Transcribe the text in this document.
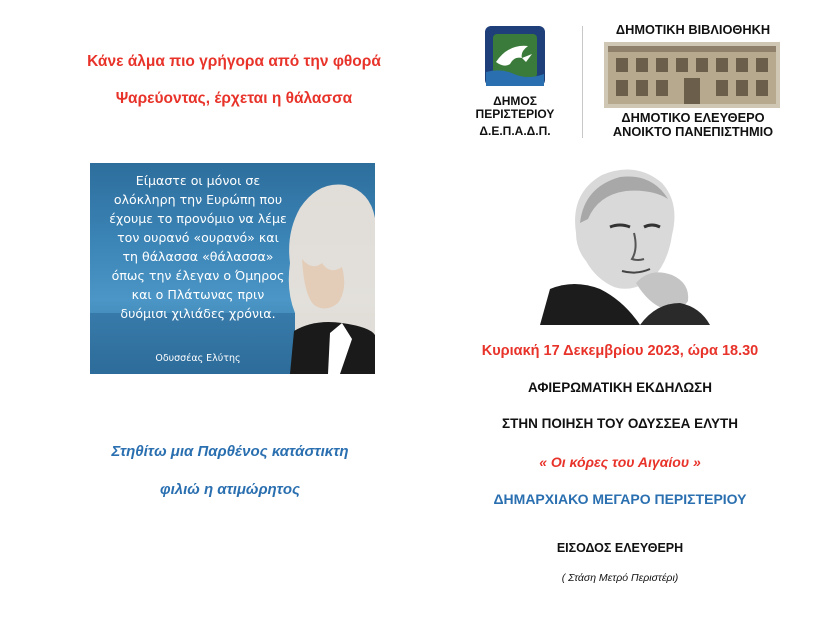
Κάνε άλμα πιο γρήγορα από την φθορά
Ψαρεύοντας, έρχεται η θάλασσα
Είμαστε οι μόνοι σε
ολόκληρη την Ευρώπη που
έχουμε το προνόμιο να λέμε
τον ουρανό «ουρανό» και
τη θάλασσα «θάλασσα»
όπως την έλεγαν ο Όμηρος
και ο Πλάτωνας πριν
δυόμισι χιλιάδες χρόνια.
Οδυσσέας Ελύτης
Στηθίτω μια Παρθένος κατάστικτη
φιλιώ η ατιμώρητος
ΔΗΜΟΣ
ΠΕΡΙΣΤΕΡΙΟΥ
Δ.Ε.Π.Α.Δ.Π.
ΔΗΜΟΤΙΚΗ ΒΙΒΛΙΟΘΗΚΗ
ΔΗΜΟΤΙΚΟ ΕΛΕΥΘΕΡΟ
ΑΝΟΙΚΤΟ ΠΑΝΕΠΙΣΤΗΜΙΟ
Κυριακή 17 Δεκεμβρίου 2023, ώρα 18.30
ΑΦΙΕΡΩΜΑΤΙΚΗ ΕΚΔΗΛΩΣΗ
ΣΤΗΝ ΠΟΙΗΣΗ ΤΟΥ ΟΔΥΣΣΕΑ ΕΛΥΤΗ
« Οι κόρες του Αιγαίου »
ΔΗΜΑΡΧΙΑΚΟ ΜΕΓΑΡΟ ΠΕΡΙΣΤΕΡΙΟΥ
ΕΙΣΟΔΟΣ ΕΛΕΥΘΕΡΗ
( Στάση Μετρό Περιστέρι)
